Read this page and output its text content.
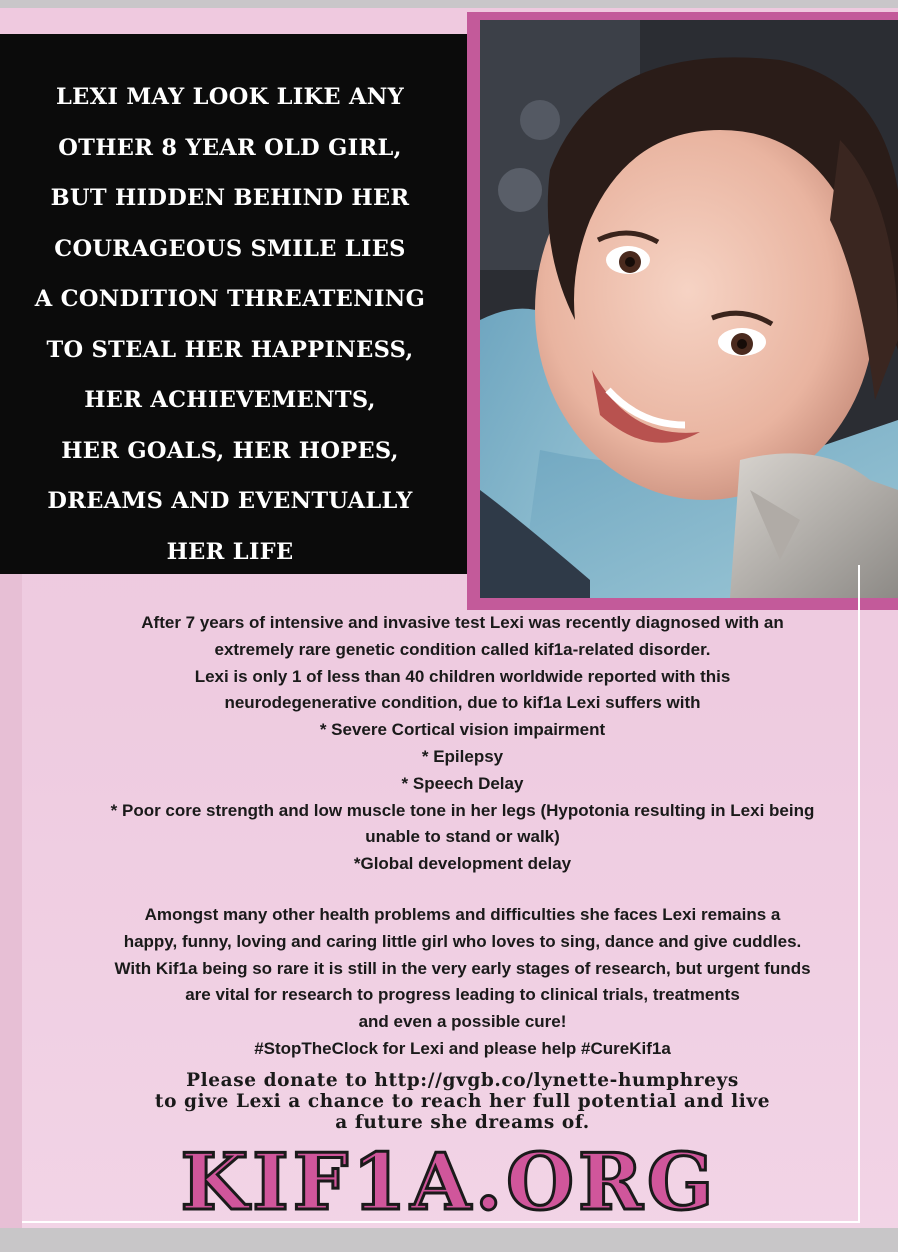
LEXI MAY LOOK LIKE ANY
OTHER 8 YEAR OLD GIRL,
BUT HIDDEN BEHIND HER
COURAGEOUS SMILE LIES
A CONDITION THREATENING
TO STEAL HER HAPPINESS,
HER ACHIEVEMENTS,
HER GOALS, HER HOPES,
DREAMS AND EVENTUALLY
HER LIFE
After 7 years of intensive and invasive test Lexi was recently diagnosed with an
extremely rare genetic condition called kif1a-related disorder.
Lexi is only 1 of less than 40 children worldwide reported with this
neurodegenerative condition, due to kif1a Lexi suffers with
* Severe Cortical vision impairment
* Epilepsy
* Speech Delay
* Poor core strength and low muscle tone in her legs (Hypotonia resulting in Lexi being
unable to stand or walk)
*Global development delay
Amongst many other health problems and difficulties she faces Lexi remains a
happy, funny, loving and caring little girl who loves to sing, dance and give cuddles.
With Kif1a being so rare it is still in the very early stages of research, but urgent funds
are vital for research to progress leading to clinical trials, treatments
and even a possible cure!
#StopTheClock for Lexi and please help #CureKif1a
Please donate to http://gvgb.co/lynette-humphreys
to give Lexi a chance to reach her full potential and live
a future she dreams of.
KIF1A.ORG
